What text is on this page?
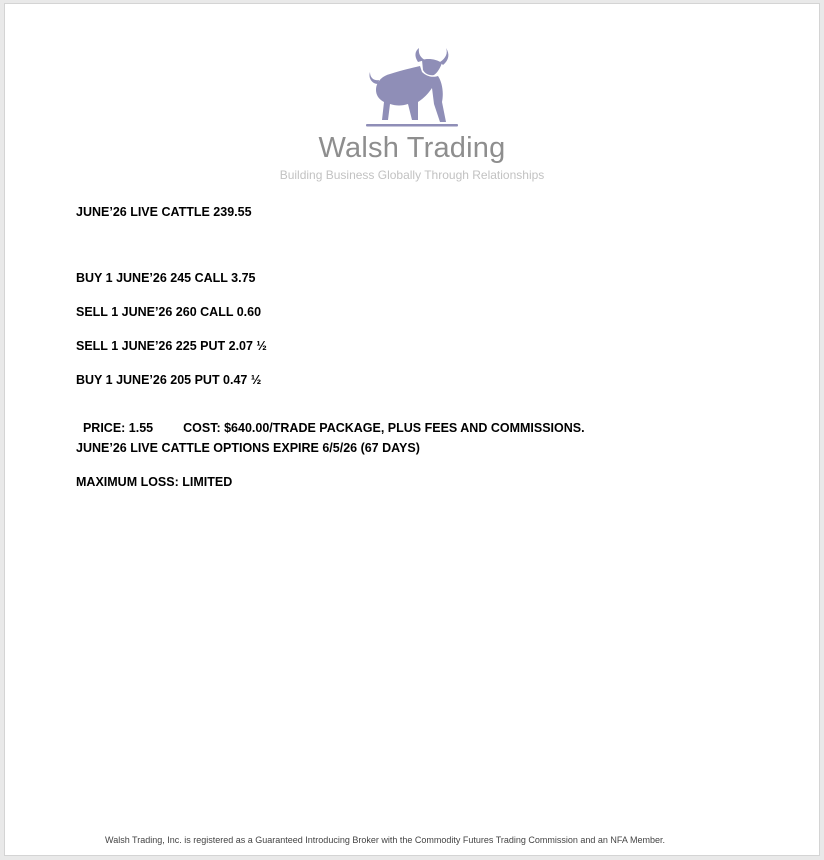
Walsh Trading
Building Business Globally Through Relationships
JUNE’26 LIVE CATTLE 239.55
BUY 1 JUNE’26 245 CALL 3.75
SELL 1 JUNE’26 260 CALL 0.60
SELL 1 JUNE’26 225 PUT 2.07 ½
BUY 1 JUNE’26 205 PUT 0.47 ½

PRICE: 1.55 COST: $640.00/TRADE PACKAGE, PLUS FEES AND COMMISSIONS.

JUNE’26 LIVE CATTLE OPTIONS EXPIRE 6/5/26 (67 DAYS)
MAXIMUM LOSS: LIMITED
Walsh Trading, Inc. is registered as a Guaranteed Introducing Broker with the Commodity Futures Trading Commission and an NFA Member.
